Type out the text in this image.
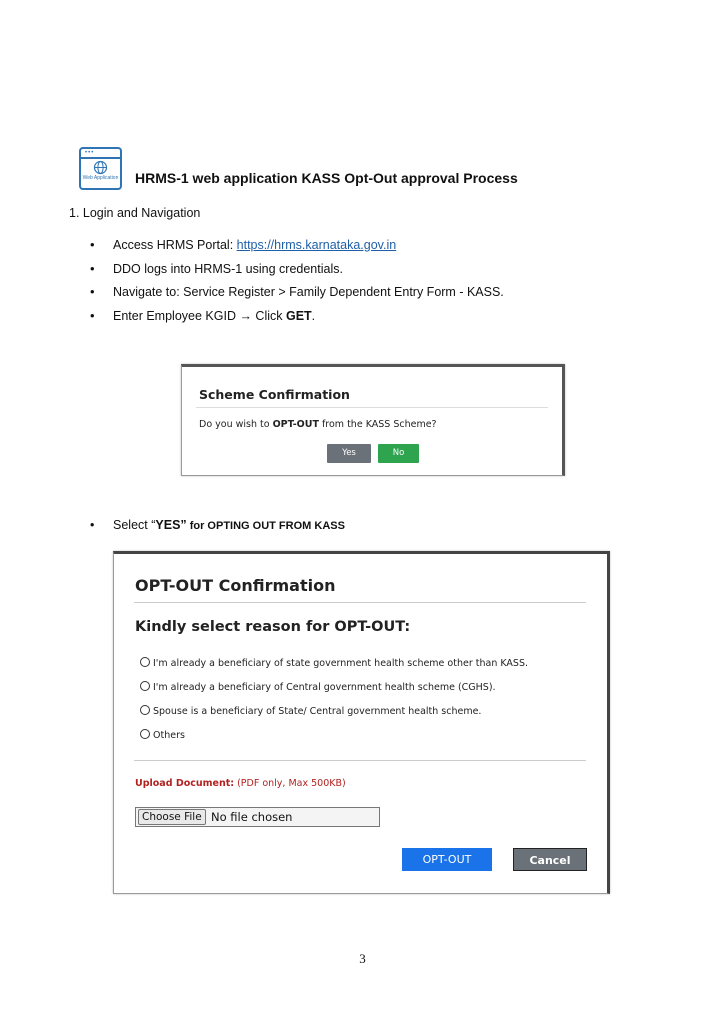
•••
Web Application HRMS-1 web application KASS Opt-Out approval Process
1. Login and Navigation
• Access HRMS Portal: https://hrms.karnataka.gov.in
• DDO logs into HRMS-1 using credentials.
• Navigate to: Service Register > Family Dependent Entry Form - KASS.
• Enter Employee KGID → Click GET.
Scheme Confirmation
Do you wish to OPT-OUT from the KASS Scheme?
Yes	No
• Select “YES” for OPTING OUT FROM KASS
OPT-OUT Confirmation
Kindly select reason for OPT-OUT:
I'm already a beneficiary of state government health scheme other than KASS.
I'm already a beneficiary of Central government health scheme (CGHS).
Spouse is a beneficiary of State/ Central government health scheme.
Others
Upload Document: (PDF only, Max 500KB)
Choose File No file chosen
OPT-OUT	Cancel
3
